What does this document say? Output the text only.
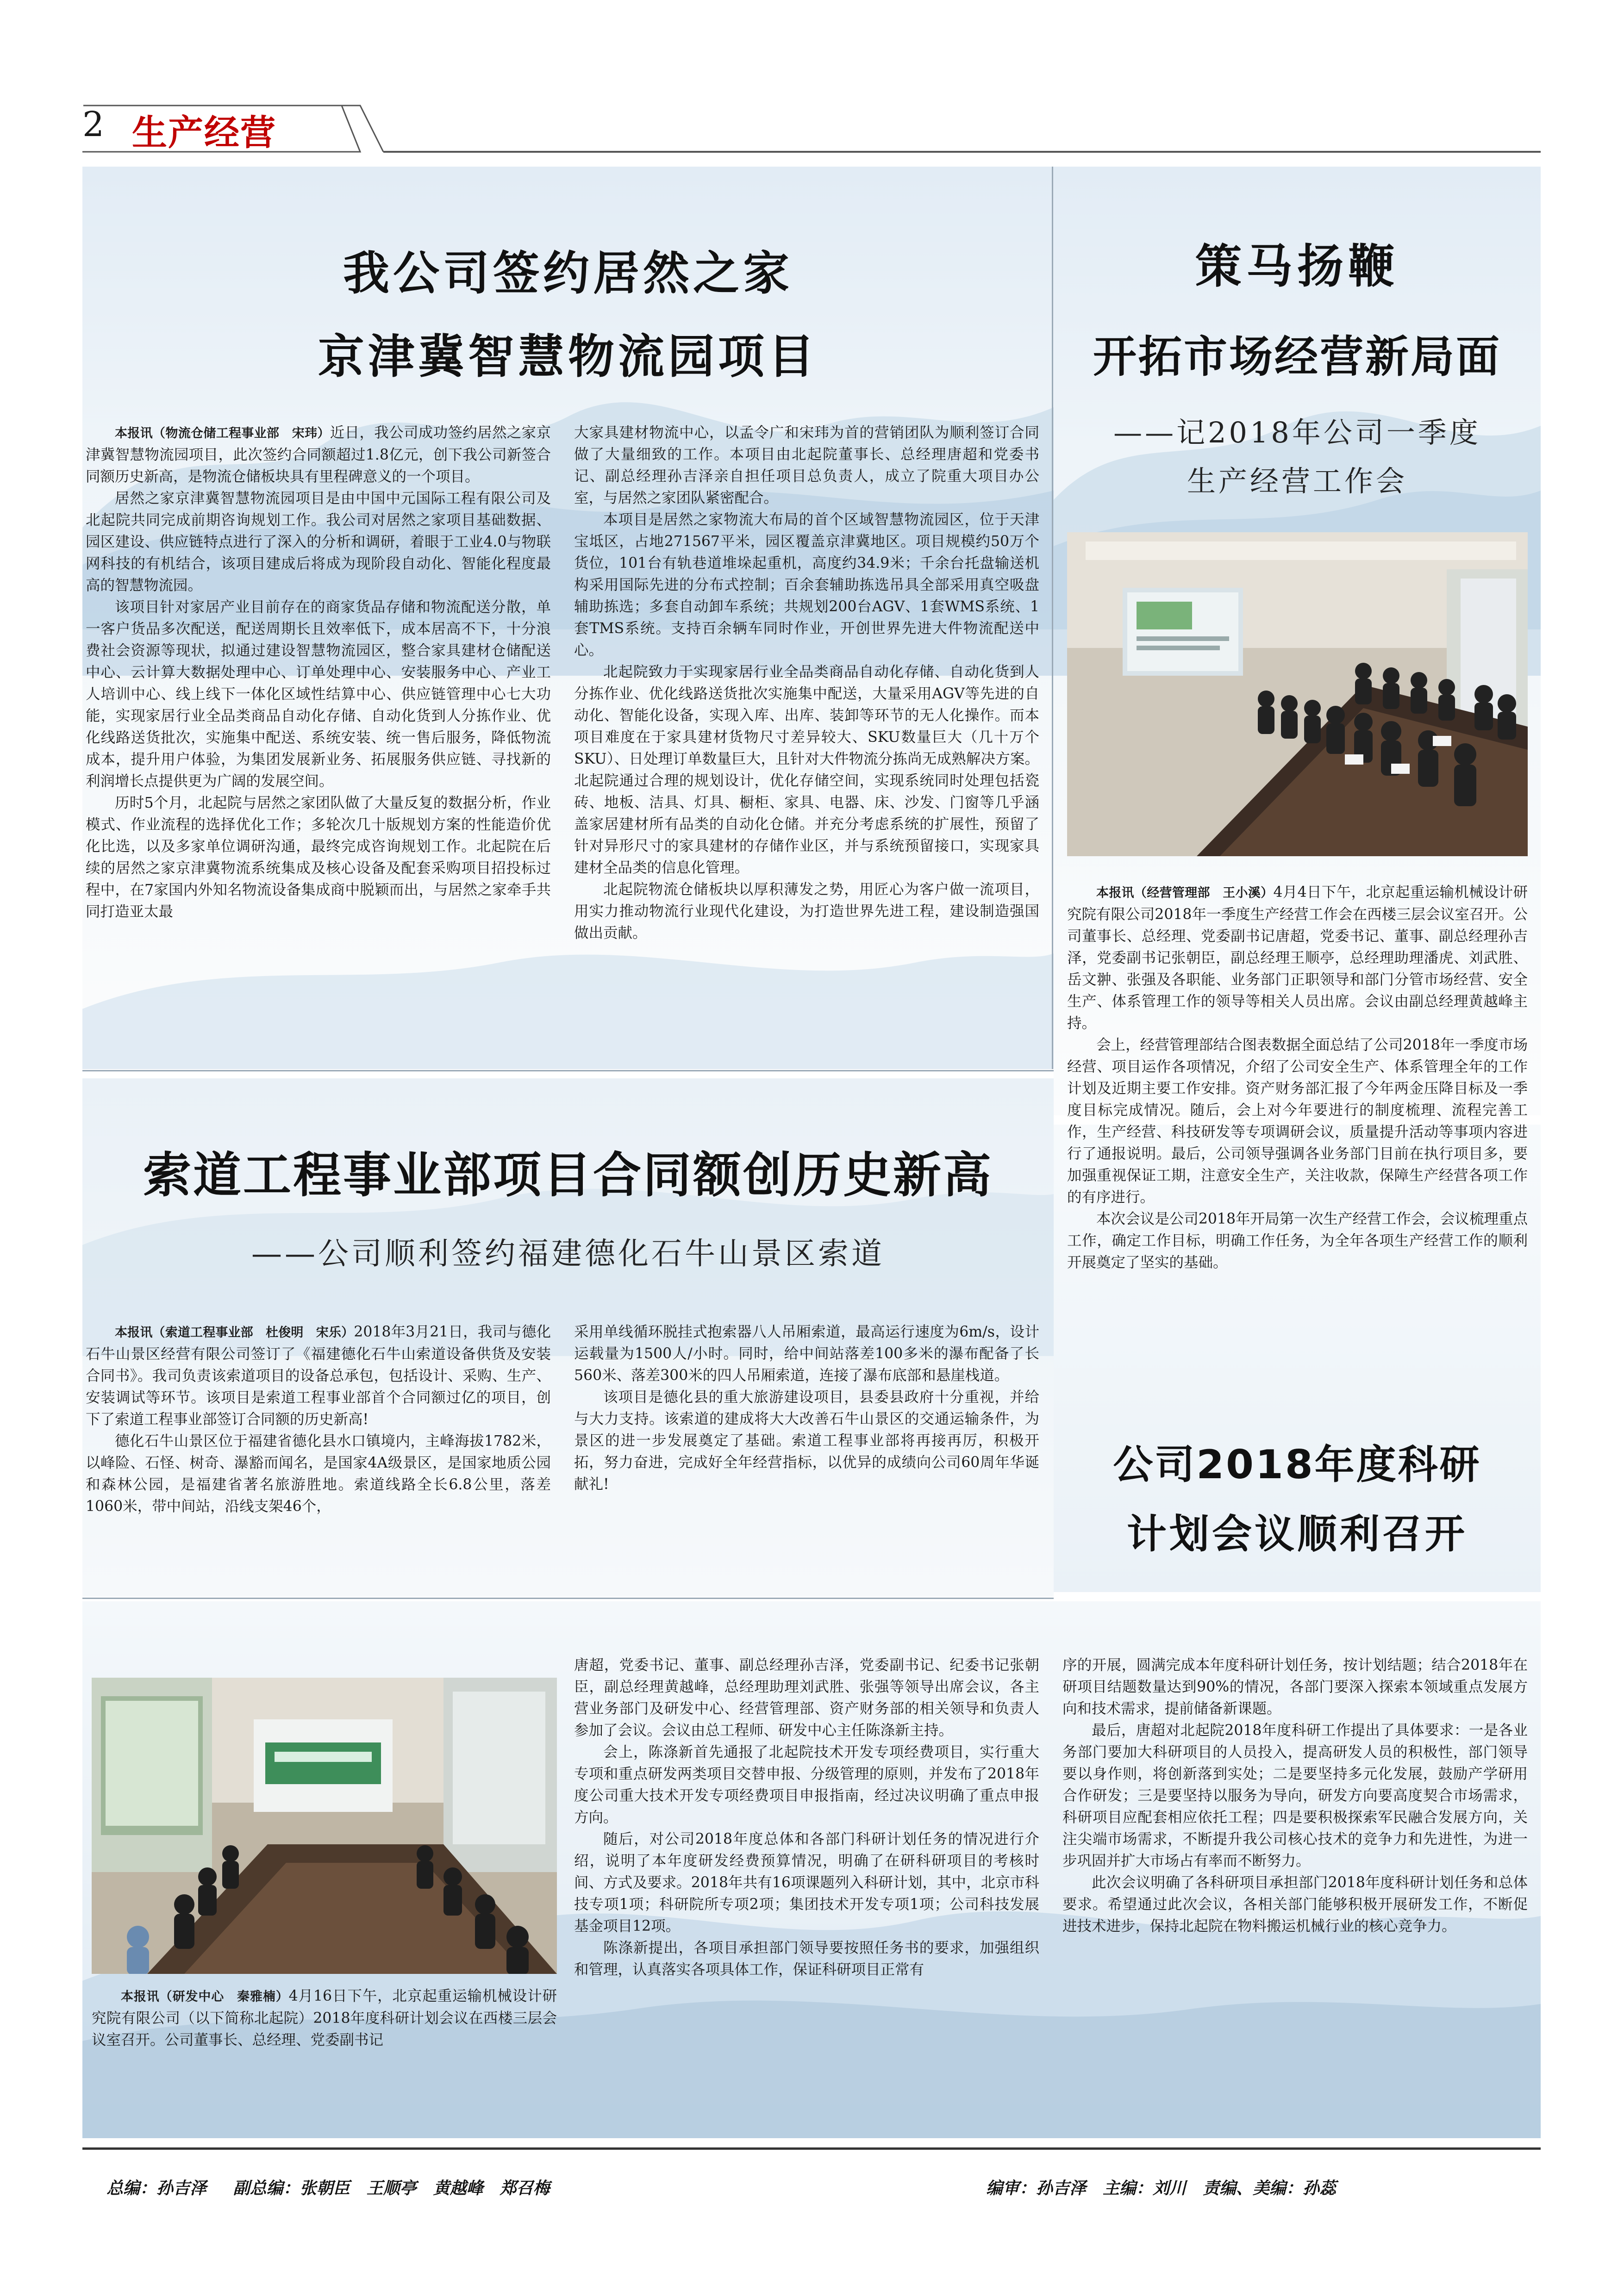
2 生产经营
我公司签约居然之家
京津冀智慧物流园项目

本报讯（物流仓储工程事业部　宋玮）近日，我公司成功签约居然之家京津冀智慧物流园项目，此次签约合同额超过1.8亿元，创下我公司新签合同额历史新高，是物流仓储板块具有里程碑意义的一个项目。

居然之家京津冀智慧物流园项目是由中国中元国际工程有限公司及北起院共同完成前期咨询规划工作。我公司对居然之家项目基础数据、园区建设、供应链特点进行了深入的分析和调研，着眼于工业4.0与物联网科技的有机结合，该项目建成后将成为现阶段自动化、智能化程度最高的智慧物流园。

该项目针对家居产业目前存在的商家货品存储和物流配送分散，单一客户货品多次配送，配送周期长且效率低下，成本居高不下，十分浪费社会资源等现状，拟通过建设智慧物流园区，整合家具建材仓储配送中心、云计算大数据处理中心、订单处理中心、安装服务中心、产业工人培训中心、线上线下一体化区域性结算中心、供应链管理中心七大功能，实现家居行业全品类商品自动化存储、自动化货到人分拣作业、优化线路送货批次，实施集中配送、系统安装、统一售后服务，降低物流成本，提升用户体验，为集团发展新业务、拓展服务供应链、寻找新的利润增长点提供更为广阔的发展空间。

历时5个月，北起院与居然之家团队做了大量反复的数据分析，作业模式、作业流程的选择优化工作；多轮次几十版规划方案的性能造价优化比选，以及多家单位调研沟通，最终完成咨询规划工作。北起院在后续的居然之家京津冀物流系统集成及核心设备及配套采购项目招投标过程中，在7家国内外知名物流设备集成商中脱颖而出，与居然之家牵手共同打造亚太最

大家具建材物流中心，以孟令广和宋玮为首的营销团队为顺利签订合同做了大量细致的工作。本项目由北起院董事长、总经理唐超和党委书记、副总经理孙吉泽亲自担任项目总负责人，成立了院重大项目办公室，与居然之家团队紧密配合。

本项目是居然之家物流大布局的首个区域智慧物流园区，位于天津宝坻区，占地271567平米，园区覆盖京津冀地区。项目规模约50万个货位，101台有轨巷道堆垛起重机，高度约34.9米；千余台托盘输送机构采用国际先进的分布式控制；百余套辅助拣选吊具全部采用真空吸盘辅助拣选；多套自动卸车系统；共规划200台AGV、1套WMS系统、1套TMS系统。支持百余辆车同时作业，开创世界先进大件物流配送中心。

北起院致力于实现家居行业全品类商品自动化存储、自动化货到人分拣作业、优化线路送货批次实施集中配送，大量采用AGV等先进的自动化、智能化设备，实现入库、出库、装卸等环节的无人化操作。而本项目难度在于家具建材货物尺寸差异较大、SKU数量巨大（几十万个SKU）、日处理订单数量巨大，且针对大件物流分拣尚无成熟解决方案。北起院通过合理的规划设计，优化存储空间，实现系统同时处理包括瓷砖、地板、洁具、灯具、橱柜、家具、电器、床、沙发、门窗等几乎涵盖家居建材所有品类的自动化仓储。并充分考虑系统的扩展性，预留了针对异形尺寸的家具建材的存储作业区，并与系统预留接口，实现家具建材全品类的信息化管理。

北起院物流仓储板块以厚积薄发之势，用匠心为客户做一流项目，用实力推动物流行业现代化建设，为打造世界先进工程，建设制造强国做出贡献。

策马扬鞭
开拓市场经营新局面
——记2018年公司一季度
生产经营工作会

本报讯（经营管理部　王小溪）4月4日下午，北京起重运输机械设计研究院有限公司2018年一季度生产经营工作会在西楼三层会议室召开。公司董事长、总经理、党委副书记唐超，党委书记、董事、副总经理孙吉泽，党委副书记张朝臣，副总经理王顺亭，总经理助理潘虎、刘武胜、岳文翀、张强及各职能、业务部门正职领导和部门分管市场经营、安全生产、体系管理工作的领导等相关人员出席。会议由副总经理黄越峰主持。

会上，经营管理部结合图表数据全面总结了公司2018年一季度市场经营、项目运作各项情况，介绍了公司安全生产、体系管理全年的工作计划及近期主要工作安排。资产财务部汇报了今年两金压降目标及一季度目标完成情况。随后，会上对今年要进行的制度梳理、流程完善工作，生产经营、科技研发等专项调研会议，质量提升活动等事项内容进行了通报说明。最后，公司领导强调各业务部门目前在执行项目多，要加强重视保证工期，注意安全生产，关注收款，保障生产经营各项工作的有序进行。

本次会议是公司2018年开局第一次生产经营工作会，会议梳理重点工作，确定工作目标，明确工作任务，为全年各项生产经营工作的顺利开展奠定了坚实的基础。

索道工程事业部项目合同额创历史新高
——公司顺利签约福建德化石牛山景区索道

本报讯（索道工程事业部　杜俊明　宋乐）2018年3月21日，我司与德化石牛山景区经营有限公司签订了《福建德化石牛山索道设备供货及安装合同书》。我司负责该索道项目的设备总承包，包括设计、采购、生产、安装调试等环节。该项目是索道工程事业部首个合同额过亿的项目，创下了索道工程事业部签订合同额的历史新高!

德化石牛山景区位于福建省德化县水口镇境内，主峰海拔1782米，以峰险、石怪、树奇、瀑豁而闻名，是国家4A级景区，是国家地质公园和森林公园，是福建省著名旅游胜地。索道线路全长6.8公里，落差1060米，带中间站，沿线支架46个，

采用单线循环脱挂式抱索器八人吊厢索道，最高运行速度为6m/s，设计运载量为1500人/小时。同时，给中间站落差100多米的瀑布配备了长560米、落差300米的四人吊厢索道，连接了瀑布底部和悬崖栈道。

该项目是德化县的重大旅游建设项目，县委县政府十分重视，并给与大力支持。该索道的建成将大大改善石牛山景区的交通运输条件，为景区的进一步发展奠定了基础。索道工程事业部将再接再厉，积极开拓，努力奋进，完成好全年经营指标，以优异的成绩向公司60周年华诞献礼!	公司2018年度科研
计划会议顺利召开

本报讯（研发中心　秦雅楠）4月16日下午，北京起重运输机械设计研究院有限公司（以下简称北起院）2018年度科研计划会议在西楼三层会议室召开。公司董事长、总经理、党委副书记

唐超，党委书记、董事、副总经理孙吉泽，党委副书记、纪委书记张朝臣，副总经理黄越峰，总经理助理刘武胜、张强等领导出席会议，各主营业务部门及研发中心、经营管理部、资产财务部的相关领导和负责人参加了会议。会议由总工程师、研发中心主任陈涤新主持。

会上，陈涤新首先通报了北起院技术开发专项经费项目，实行重大专项和重点研发两类项目交替申报、分级管理的原则，并发布了2018年度公司重大技术开发专项经费项目申报指南，经过决议明确了重点申报方向。

随后，对公司2018年度总体和各部门科研计划任务的情况进行介绍，说明了本年度研发经费预算情况，明确了在研科研项目的考核时间、方式及要求。2018年共有16项课题列入科研计划，其中，北京市科技专项1项；科研院所专项2项；集团技术开发专项1项；公司科技发展基金项目12项。

陈涤新提出，各项目承担部门领导要按照任务书的要求，加强组织和管理，认真落实各项具体工作，保证科研项目正常有

序的开展，圆满完成本年度科研计划任务，按计划结题；结合2018年在研项目结题数量达到90%的情况，各部门要深入探索本领域重点发展方向和技术需求，提前储备新课题。

最后，唐超对北起院2018年度科研工作提出了具体要求：一是各业务部门要加大科研项目的人员投入，提高研发人员的积极性，部门领导要以身作则，将创新落到实处；二是要坚持多元化发展，鼓励产学研用合作研发；三是要坚持以服务为导向，研发方向要高度契合市场需求，科研项目应配套相应依托工程；四是要积极探索军民融合发展方向，关注尖端市场需求，不断提升我公司核心技术的竞争力和先进性，为进一步巩固并扩大市场占有率而不断努力。

此次会议明确了各科研项目承担部门2018年度科研计划任务和总体要求。希望通过此次会议，各相关部门能够积极开展研发工作，不断促进技术进步，保持北起院在物料搬运机械行业的核心竞争力。

总编：孙吉泽　 副总编：张朝臣　王顺亭　黄越峰　郑召梅	编审：孙吉泽　主编：刘川　责编、美编：孙蕊
